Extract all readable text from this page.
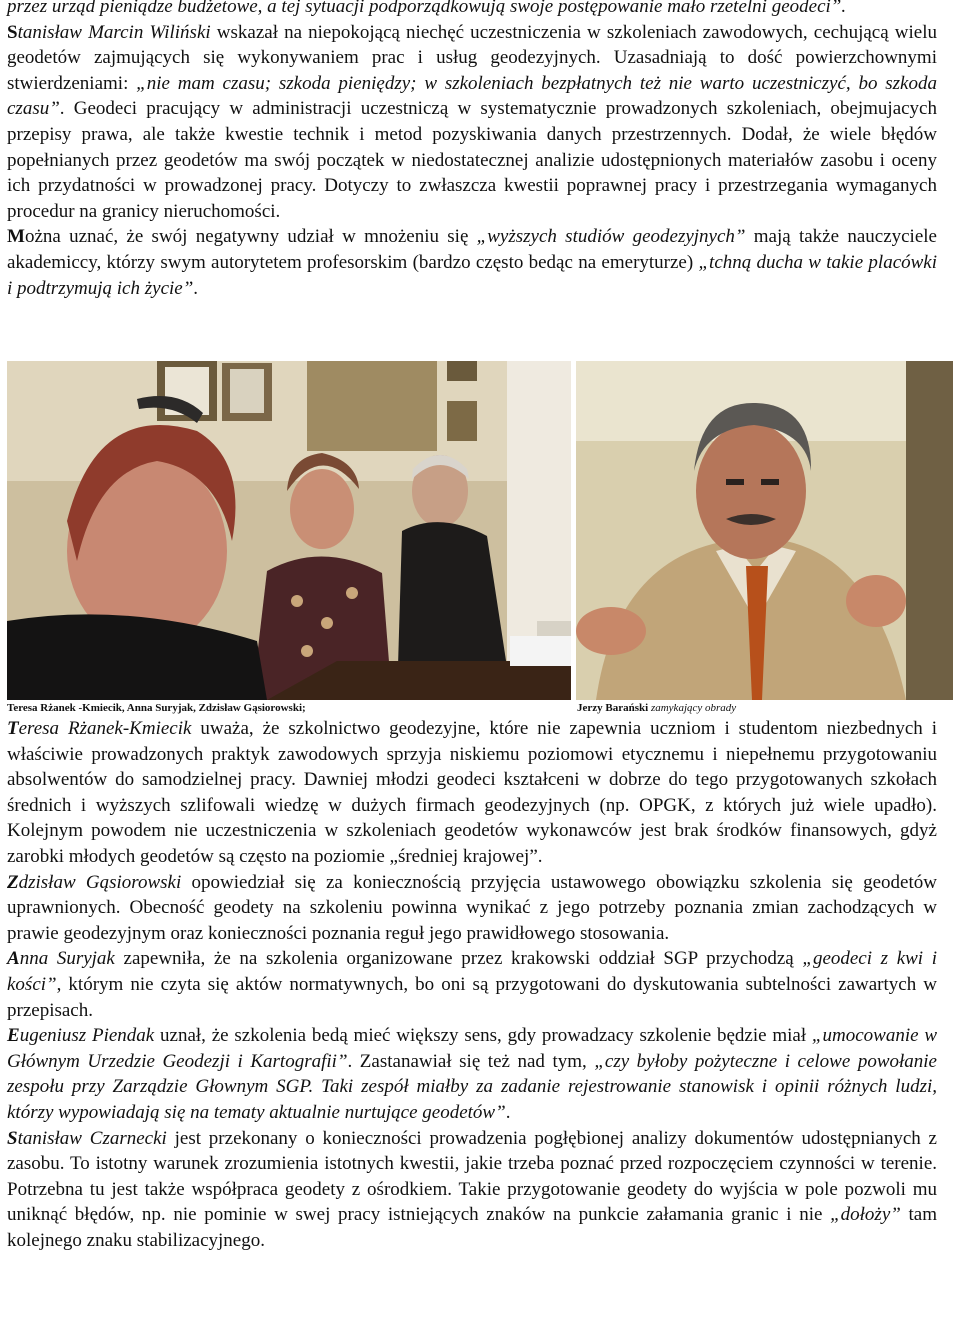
przez urząd pieniądze budżetowe, a tej sytuacji podporządkowują swoje postępowanie mało rzetelni geodeci”.

Stanisław Marcin Wiliński wskazał na niepokojącą niechęć uczestniczenia w szkoleniach zawodowych, cechującą wielu geodetów zajmujących się wykonywaniem prac i usług geodezyjnych. Uzasadniają to dość powierzchownymi stwierdzeniami: „nie mam czasu; szkoda pieniędzy; w szkoleniach bezpłatnych też nie warto uczestniczyć, bo szkoda czasu”. Geodeci pracujący w administracji uczestniczą w systematycznie prowadzonych szkoleniach, obejmujacych przepisy prawa, ale także kwestie technik i metod pozyskiwania danych przestrzennych. Dodał, że wiele błędów popełnianych przez geodetów ma swój początek w niedostatecznej analizie udostępnionych materiałów zasobu i oceny ich przydatności w prowadzonej pracy. Dotyczy to zwłaszcza kwestii poprawnej pracy i przestrzegania wymaganych procedur na granicy nieruchomości.

Można uznać, że swój negatywny udział w mnożeniu się „wyższych studiów geodezyjnych” mają także nauczyciele akademiccy, którzy swym autorytetem profesorskim (bardzo często bedąc na emeryturze) „tchną ducha w takie placówki i podtrzymują ich życie”.

Teresa Rżanek -Kmiecik, Anna Suryjak, Zdzisław Gąsiorowski;	Jerzy Barański zamykający obrady

Teresa Rżanek-Kmiecik uważa, że szkolnictwo geodezyjne, które nie zapewnia uczniom i studentom niezbednych i właściwie prowadzonych praktyk zawodowych sprzyja niskiemu poziomowi etycznemu i niepełnemu przygotowaniu absolwentów do samodzielnej pracy. Dawniej młodzi geodeci kształceni w dobrze do tego przygotowanych szkołach średnich i wyższych szlifowali wiedzę w dużych firmach geodezyjnych (np. OPGK, z których już wiele upadło). Kolejnym powodem nie uczestniczenia w szkoleniach geodetów wykonawców jest brak środków finansowych, gdyż zarobki młodych geodetów są często na poziomie „średniej krajowej”.

Zdzisław Gąsiorowski opowiedział się za koniecznością przyjęcia ustawowego obowiązku szkolenia się geodetów uprawnionych. Obecność geodety na szkoleniu powinna wynikać z jego potrzeby poznania zmian zachodzących w prawie geodezyjnym oraz konieczności poznania reguł jego prawidłowego stosowania.

Anna Suryjak zapewniła, że na szkolenia organizowane przez krakowski oddział SGP przychodzą „geodeci z kwi i kości”, którym nie czyta się aktów normatywnych, bo oni są przygotowani do dyskutowania subtelności zawartych w przepisach.

Eugeniusz Piendak uznał, że szkolenia bedą mieć większy sens, gdy prowadzacy szkolenie będzie miał „umocowanie w Głównym Urzedzie Geodezji i Kartografii”. Zastanawiał się też nad tym, „czy byłoby pożyteczne i celowe powołanie zespołu przy Zarządzie Głownym SGP. Taki zespół miałby za zadanie rejestrowanie stanowisk i opinii różnych ludzi, którzy wypowiadają się na tematy aktualnie nurtujące geodetów”.

Stanisław Czarnecki jest przekonany o konieczności prowadzenia pogłębionej analizy dokumentów udostępnianych z zasobu. To istotny warunek zrozumienia istotnych kwestii, jakie trzeba poznać przed rozpoczęciem czynności w terenie. Potrzebna tu jest także współpraca geodety z ośrodkiem. Takie przygotowanie geodety do wyjścia w pole pozwoli mu uniknąć błędów, np. nie pominie w swej pracy istniejących znaków na punkcie załamania granic i nie „dołoży” tam kolejnego znaku stabilizacyjnego.
